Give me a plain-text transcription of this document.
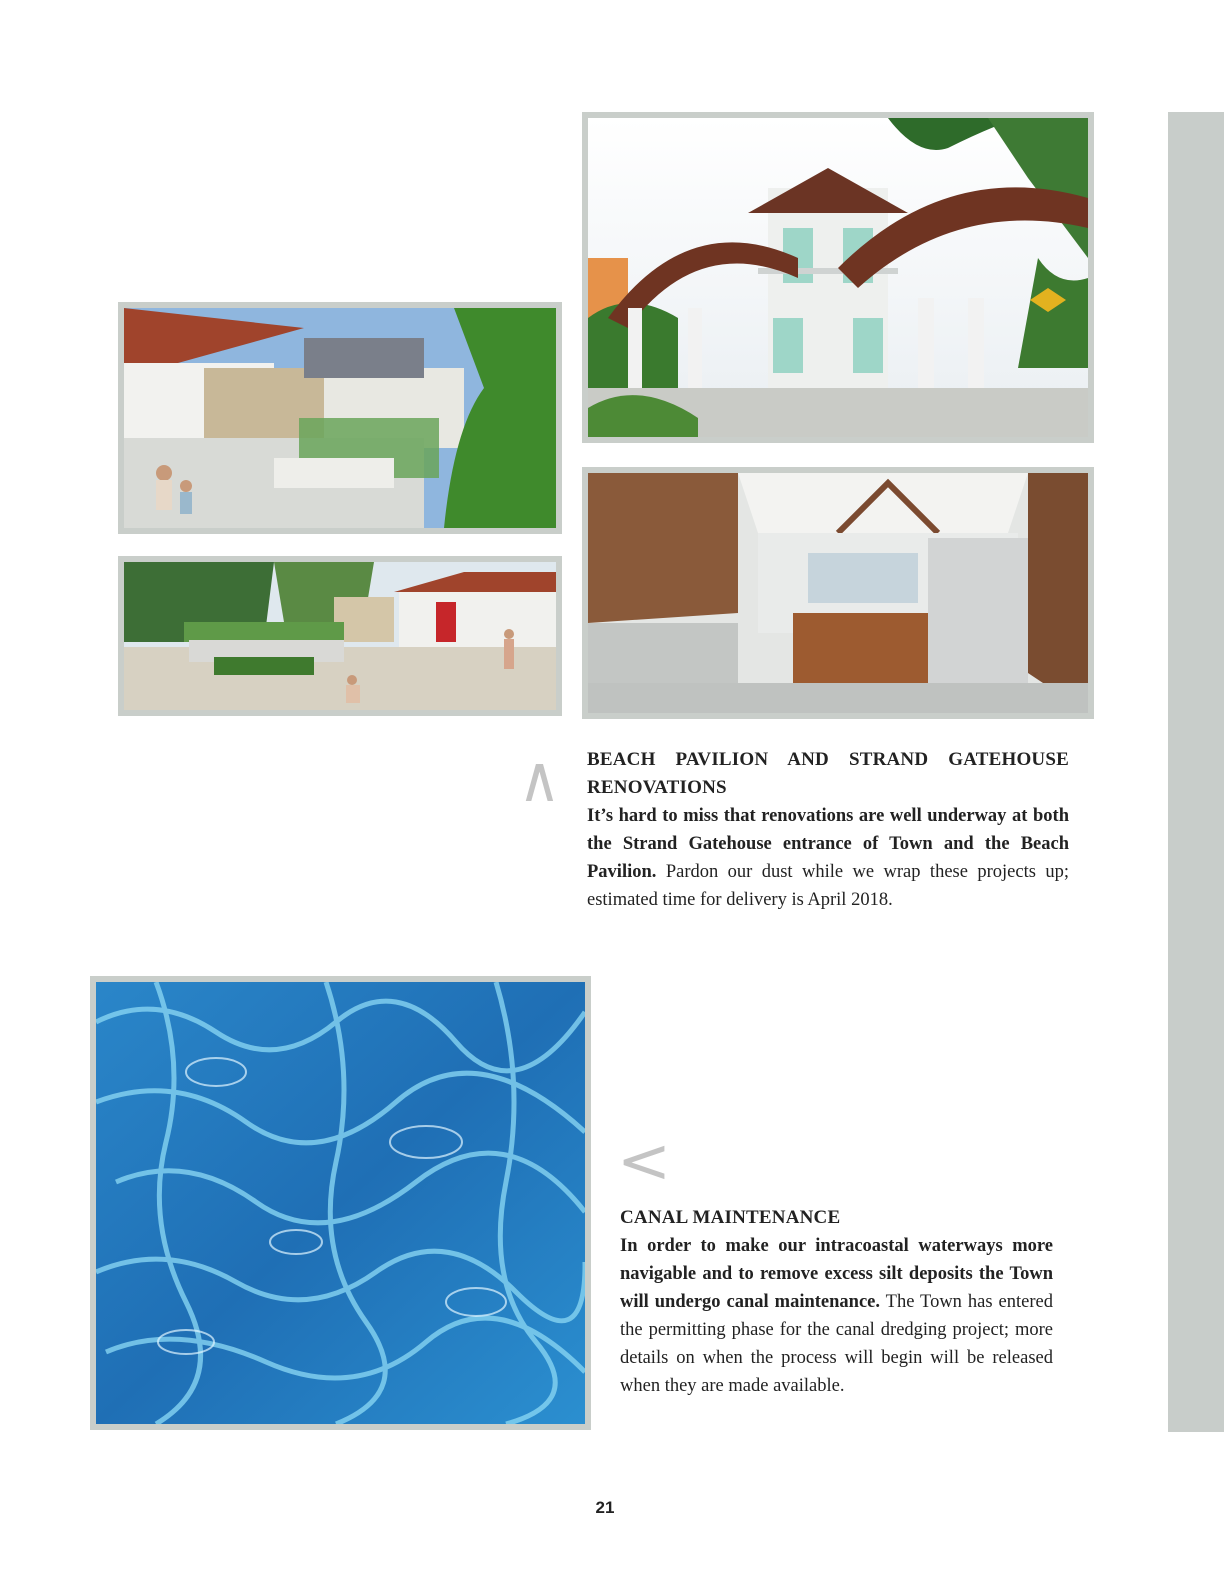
∧ BEACH PAVILION AND STRAND GATEHOUSE RENOVATIONS

It’s hard to miss that renovations are well underway at both the Strand Gatehouse entrance of Town and the Beach Pavilion. Pardon our dust while we wrap these projects up; estimated time for delivery is April 2018.

<
CANAL MAINTENANCE

In order to make our intracoastal waterways more navigable and to remove excess silt deposits the Town will undergo canal maintenance. The Town has entered the permitting phase for the canal dredging project; more details on when the process will begin will be released when they are made available.

21
